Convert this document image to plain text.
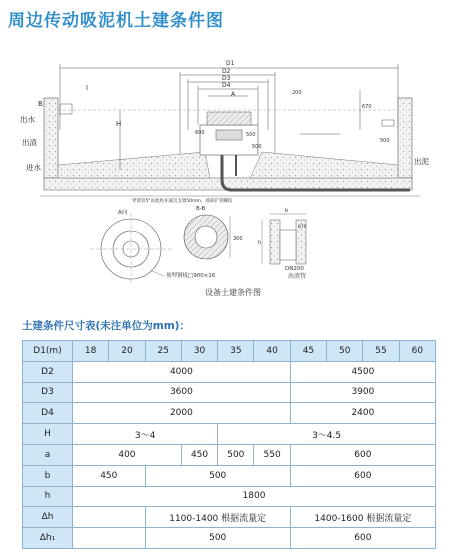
周边传动吸泥机土建条件图
D1
D2
D3
D4
A
B
I
出水
出渣
进水
出泥
H
600	500
500
500
670
200
穿墙管5"由池底并露出支墩50mm，端部扩管螺纹
A向
B-B
300
预埋钢板□900×16
b
h
870
DN200
出渣管
设备土建条件图
土建条件尺寸表(未注单位为mm)：
D1(m)	18	20	25	30	35	40	45	50	55	60
D2	4000						4500			
D3	3600						3900			
D4	2000						2400			
H	3～4				3～4.5					
a	400			450	500	550	600			
b	450		500				600			
h	1800									
Δh			1100-1400 根据流量定				1400-1600 根据流量定			
Δh₁			500				600			
